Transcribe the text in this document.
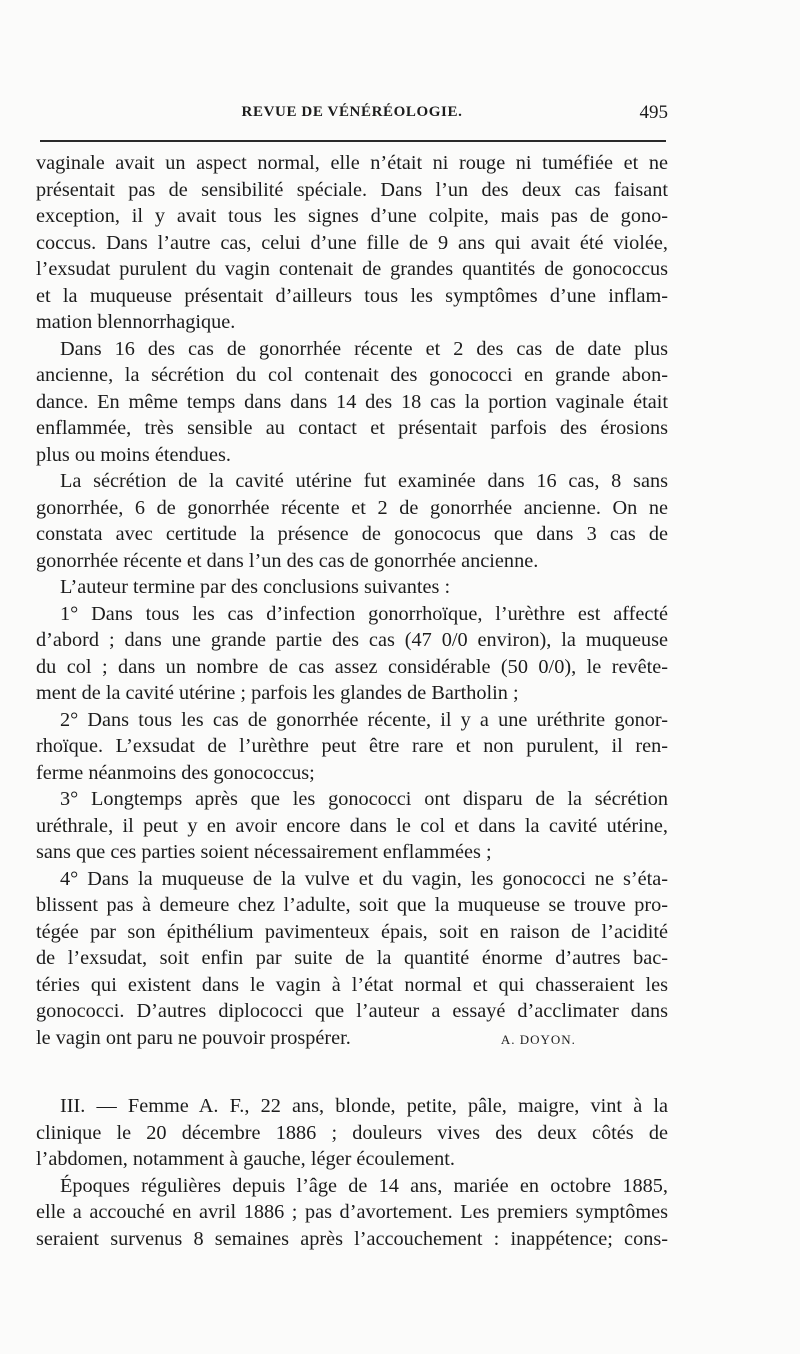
REVUE DE VÉNÉRÉOLOGIE.	495
vaginale avait un aspect normal, elle n’était ni rouge ni tuméfiée et ne
présentait pas de sensibilité spéciale. Dans l’un des deux cas faisant
exception, il y avait tous les signes d’une colpite, mais pas de gono-
coccus. Dans l’autre cas, celui d’une fille de 9 ans qui avait été violée,
l’exsudat purulent du vagin contenait de grandes quantités de gonococcus
et la muqueuse présentait d’ailleurs tous les symptômes d’une inflam-
mation blennorrhagique.
Dans 16 des cas de gonorrhée récente et 2 des cas de date plus
ancienne, la sécrétion du col contenait des gonococci en grande abon-
dance. En même temps dans dans 14 des 18 cas la portion vaginale était
enflammée, très sensible au contact et présentait parfois des érosions
plus ou moins étendues.
La sécrétion de la cavité utérine fut examinée dans 16 cas, 8 sans
gonorrhée, 6 de gonorrhée récente et 2 de gonorrhée ancienne. On ne
constata avec certitude la présence de gonococus que dans 3 cas de
gonorrhée récente et dans l’un des cas de gonorrhée ancienne.
L’auteur termine par des conclusions suivantes :
1° Dans tous les cas d’infection gonorrhoïque, l’urèthre est affecté
d’abord ; dans une grande partie des cas (47 0/0 environ), la muqueuse
du col ; dans un nombre de cas assez considérable (50 0/0), le revête-
ment de la cavité utérine ; parfois les glandes de Bartholin ;
2° Dans tous les cas de gonorrhée récente, il y a une uréthrite gonor-
rhoïque. L’exsudat de l’urèthre peut être rare et non purulent, il ren-
ferme néanmoins des gonococcus;
3° Longtemps après que les gonococci ont disparu de la sécrétion
uréthrale, il peut y en avoir encore dans le col et dans la cavité utérine,
sans que ces parties soient nécessairement enflammées ;
4° Dans la muqueuse de la vulve et du vagin, les gonococci ne s’éta-
blissent pas à demeure chez l’adulte, soit que la muqueuse se trouve pro-
tégée par son épithélium pavimenteux épais, soit en raison de l’acidité
de l’exsudat, soit enfin par suite de la quantité énorme d’autres bac-
téries qui existent dans le vagin à l’état normal et qui chasseraient les
gonococci. D’autres diplococci que l’auteur a essayé d’acclimater dans
le vagin ont paru ne pouvoir prospérer.	A. DOYON.
III. — Femme A. F., 22 ans, blonde, petite, pâle, maigre, vint à la
clinique le 20 décembre 1886 ; douleurs vives des deux côtés de
l’abdomen, notamment à gauche, léger écoulement.
Époques régulières depuis l’âge de 14 ans, mariée en octobre 1885,
elle a accouché en avril 1886 ; pas d’avortement. Les premiers symptômes
seraient survenus 8 semaines après l’accouchement : inappétence; cons-
